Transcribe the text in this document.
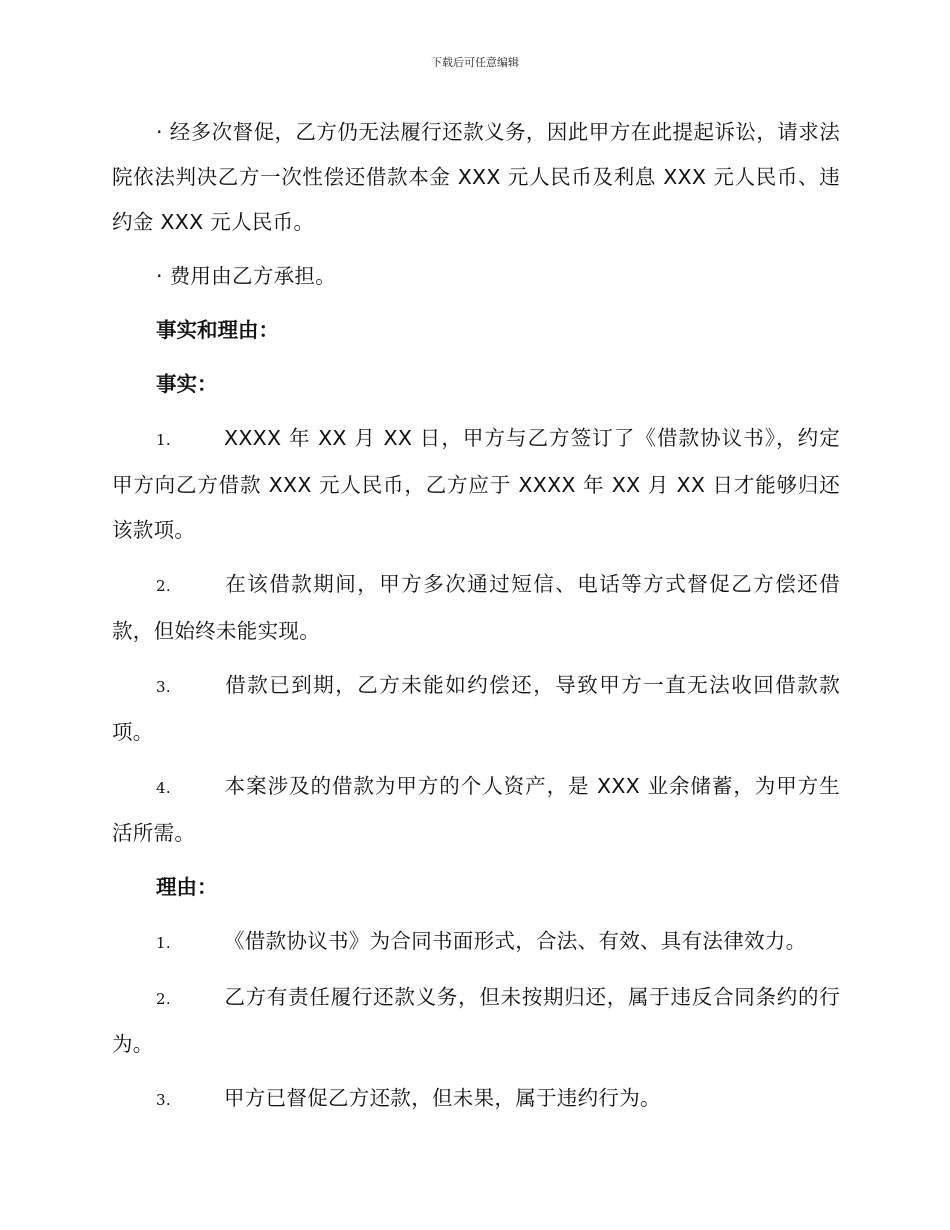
下载后可任意编辑

· 经多次督促，乙方仍无法履行还款义务，因此甲方在此提起诉讼，请求法院依法判决乙方一次性偿还借款本金 XXX 元人民币及利息 XXX 元人民币、违约金 XXX 元人民币。

· 费用由乙方承担。

事实和理由：

事实：

1.	XXXX 年 XX 月 XX 日，甲方与乙方签订了《借款协议书》，约定甲方向乙方借款 XXX 元人民币，乙方应于 XXXX 年 XX 月 XX 日才能够归还该款项。

2.	在该借款期间，甲方多次通过短信、电话等方式督促乙方偿还借款，但始终未能实现。

3.	借款已到期，乙方未能如约偿还，导致甲方一直无法收回借款款项。

4.	本案涉及的借款为甲方的个人资产，是 XXX 业余储蓄，为甲方生活所需。

理由：

1.	《借款协议书》为合同书面形式，合法、有效、具有法律效力。

2.	乙方有责任履行还款义务，但未按期归还，属于违反合同条约的行为。

3.	甲方已督促乙方还款，但未果，属于违约行为。
